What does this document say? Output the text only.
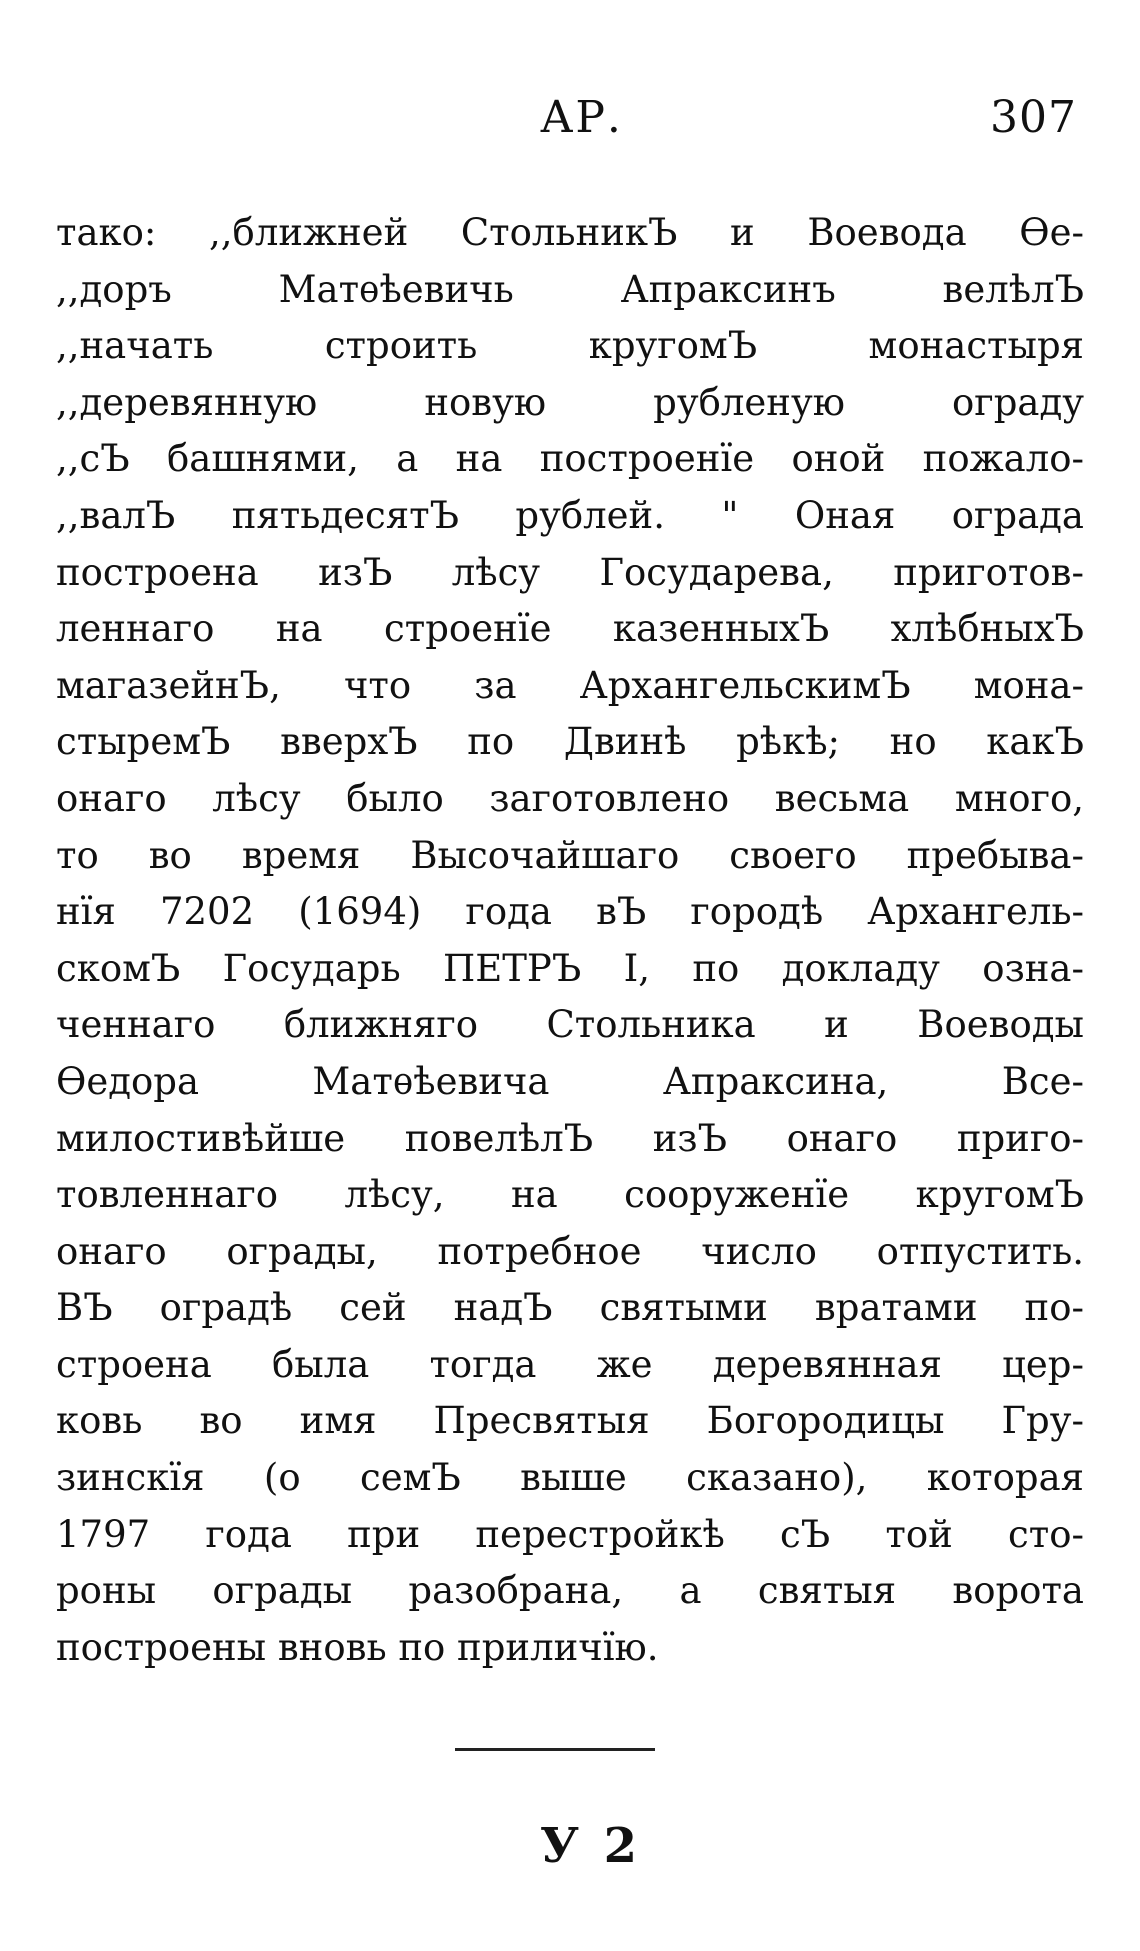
АР.	307
тако: ,,ближней СтольникЪ и Воевода Ѳе-
,,доръ Матѳѣевичь Апраксинъ велѣлЪ
,,начать строить кругомЪ монастыря
,,деревянную новую рубленую ограду
,,сЪ башнями, а на построенїе оной пожало-
,,валЪ пятьдесятЪ рублей. " Оная ограда
построена изЪ лѣсу Государева, приготов-
леннаго на строенїе казенныхЪ хлѣбныхЪ
магазейнЪ, что за АрхангельскимЪ мона-
стыремЪ вверхЪ по Двинѣ рѣкѣ; но какЪ
онаго лѣсу было заготовлено весьма много,
то во время Высочайшаго своего пребыва-
нїя 7202 (1694) года вЪ городѣ Архангель-
скомЪ Государь ПЕТРЪ I, по докладу озна-
ченнаго ближняго Стольника и Воеводы
Ѳедора Матѳѣевича Апраксина, Все-
милостивѣйше повелѣлЪ изЪ онаго приго-
товленнаго лѣсу, на сооруженїе кругомЪ
онаго ограды, потребное число отпустить.
ВЪ оградѣ сей надЪ святыми вратами по-
строена была тогда же деревянная цер-
ковь во имя Пресвятыя Богородицы Гру-
зинскїя (о семЪ выше сказано), которая
1797 года при перестройкѣ сЪ той сто-
роны ограды разобрана, а святыя ворота
построены вновь по приличїю.
У 2
